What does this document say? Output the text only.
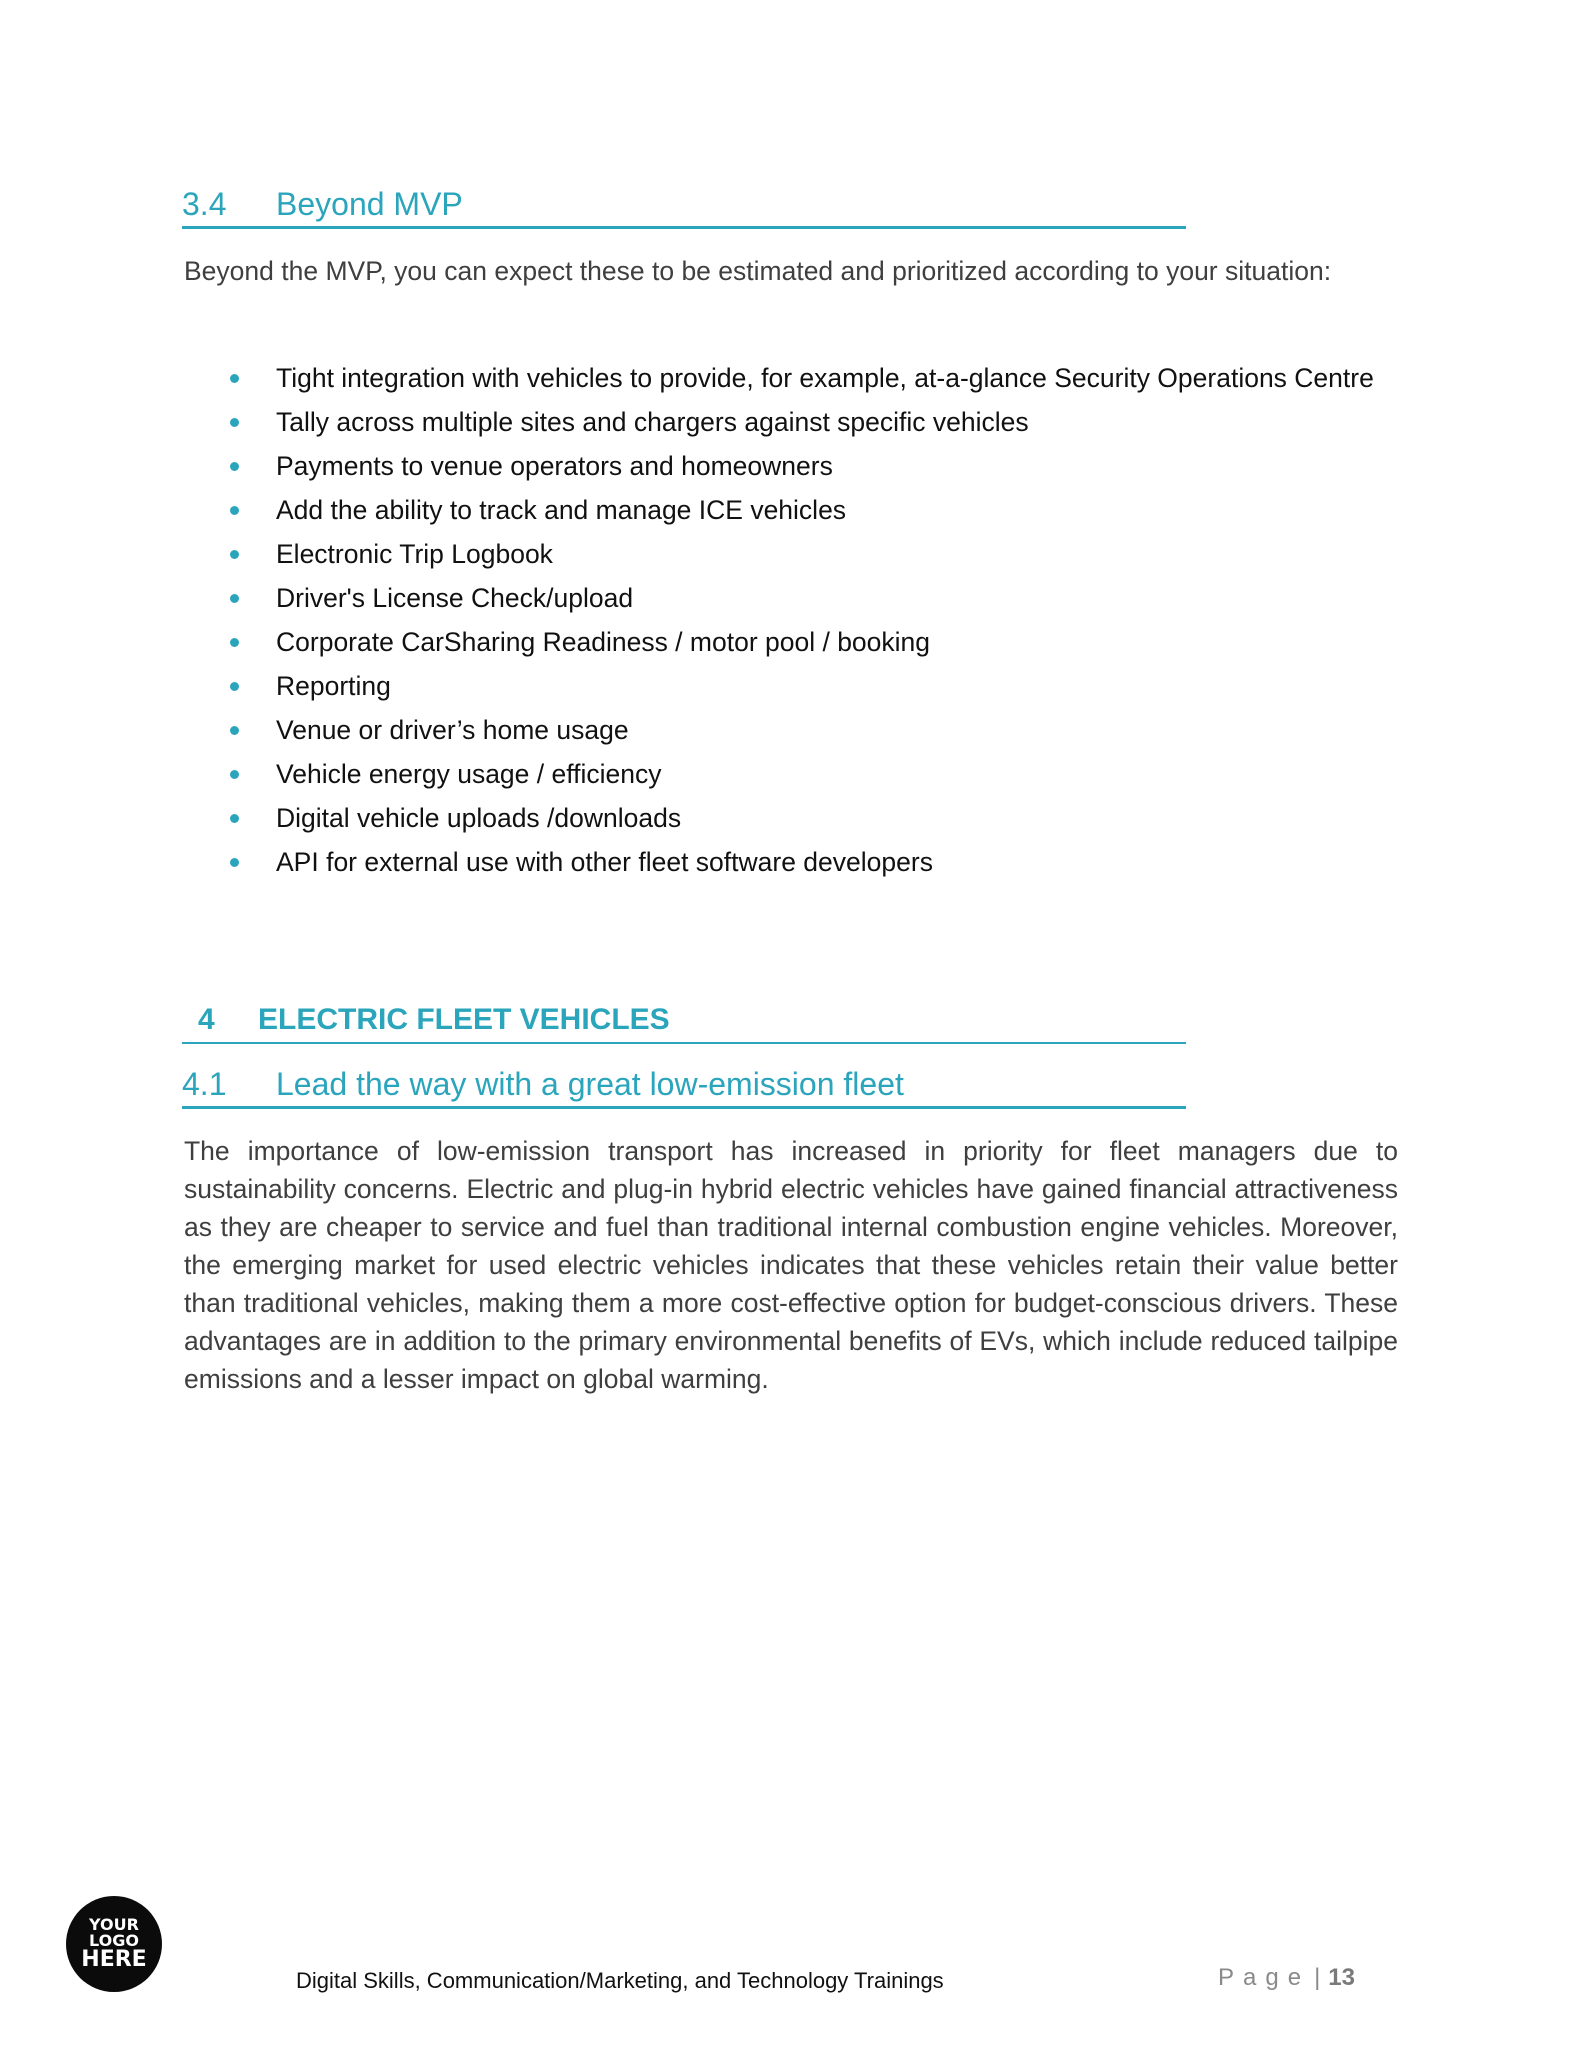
3.4 Beyond MVP
Beyond the MVP, you can expect these to be estimated and prioritized according to your situation:
Tight integration with vehicles to provide, for example, at-a-glance Security Operations Centre
Tally across multiple sites and chargers against specific vehicles
Payments to venue operators and homeowners
Add the ability to track and manage ICE vehicles
Electronic Trip Logbook
Driver's License Check/upload
Corporate CarSharing Readiness / motor pool / booking
Reporting
Venue or driver’s home usage
Vehicle energy usage / efficiency
Digital vehicle uploads /downloads
API for external use with other fleet software developers
4 ELECTRIC FLEET VEHICLES
4.1 Lead the way with a great low-emission fleet
The importance of low-emission transport has increased in priority for fleet managers due to sustainability concerns. Electric and plug-in hybrid electric vehicles have gained financial attractiveness as they are cheaper to service and fuel than traditional internal combustion engine vehicles. Moreover, the emerging market for used electric vehicles indicates that these vehicles retain their value better than traditional vehicles, making them a more cost-effective option for budget-conscious drivers. These advantages are in addition to the primary environmental benefits of EVs, which include reduced tailpipe emissions and a lesser impact on global warming.
YOUR
LOGO
HERE
Digital Skills, Communication/Marketing, and Technology Trainings	Page | 13
